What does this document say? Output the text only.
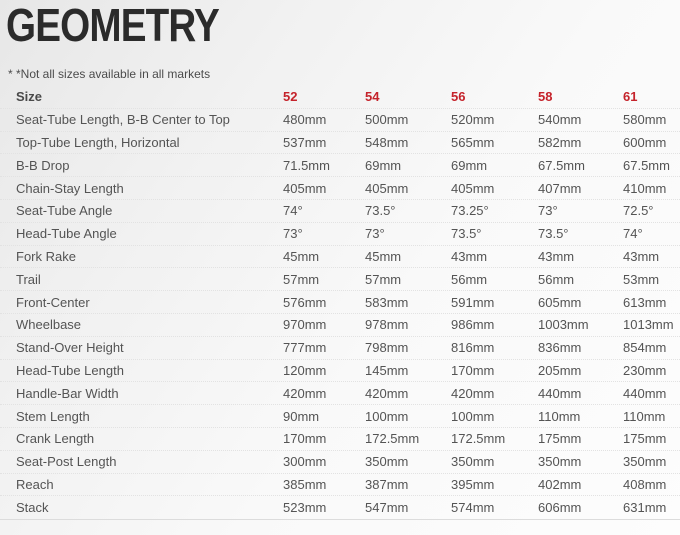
GEOMETRY
* *Not all sizes available in all markets
Size	52	54	56	58	61
Seat-Tube Length, B-B Center to Top	480mm	500mm	520mm	540mm	580mm
Top-Tube Length, Horizontal	537mm	548mm	565mm	582mm	600mm
B-B Drop	71.5mm	69mm	69mm	67.5mm	67.5mm
Chain-Stay Length	405mm	405mm	405mm	407mm	410mm
Seat-Tube Angle	74°	73.5°	73.25°	73°	72.5°
Head-Tube Angle	73°	73°	73.5°	73.5°	74°
Fork Rake	45mm	45mm	43mm	43mm	43mm
Trail	57mm	57mm	56mm	56mm	53mm
Front-Center	576mm	583mm	591mm	605mm	613mm
Wheelbase	970mm	978mm	986mm	1003mm	1013mm
Stand-Over Height	777mm	798mm	816mm	836mm	854mm
Head-Tube Length	120mm	145mm	170mm	205mm	230mm
Handle-Bar Width	420mm	420mm	420mm	440mm	440mm
Stem Length	90mm	100mm	100mm	110mm	110mm
Crank Length	170mm	172.5mm	172.5mm	175mm	175mm
Seat-Post Length	300mm	350mm	350mm	350mm	350mm
Reach	385mm	387mm	395mm	402mm	408mm
Stack	523mm	547mm	574mm	606mm	631mm
